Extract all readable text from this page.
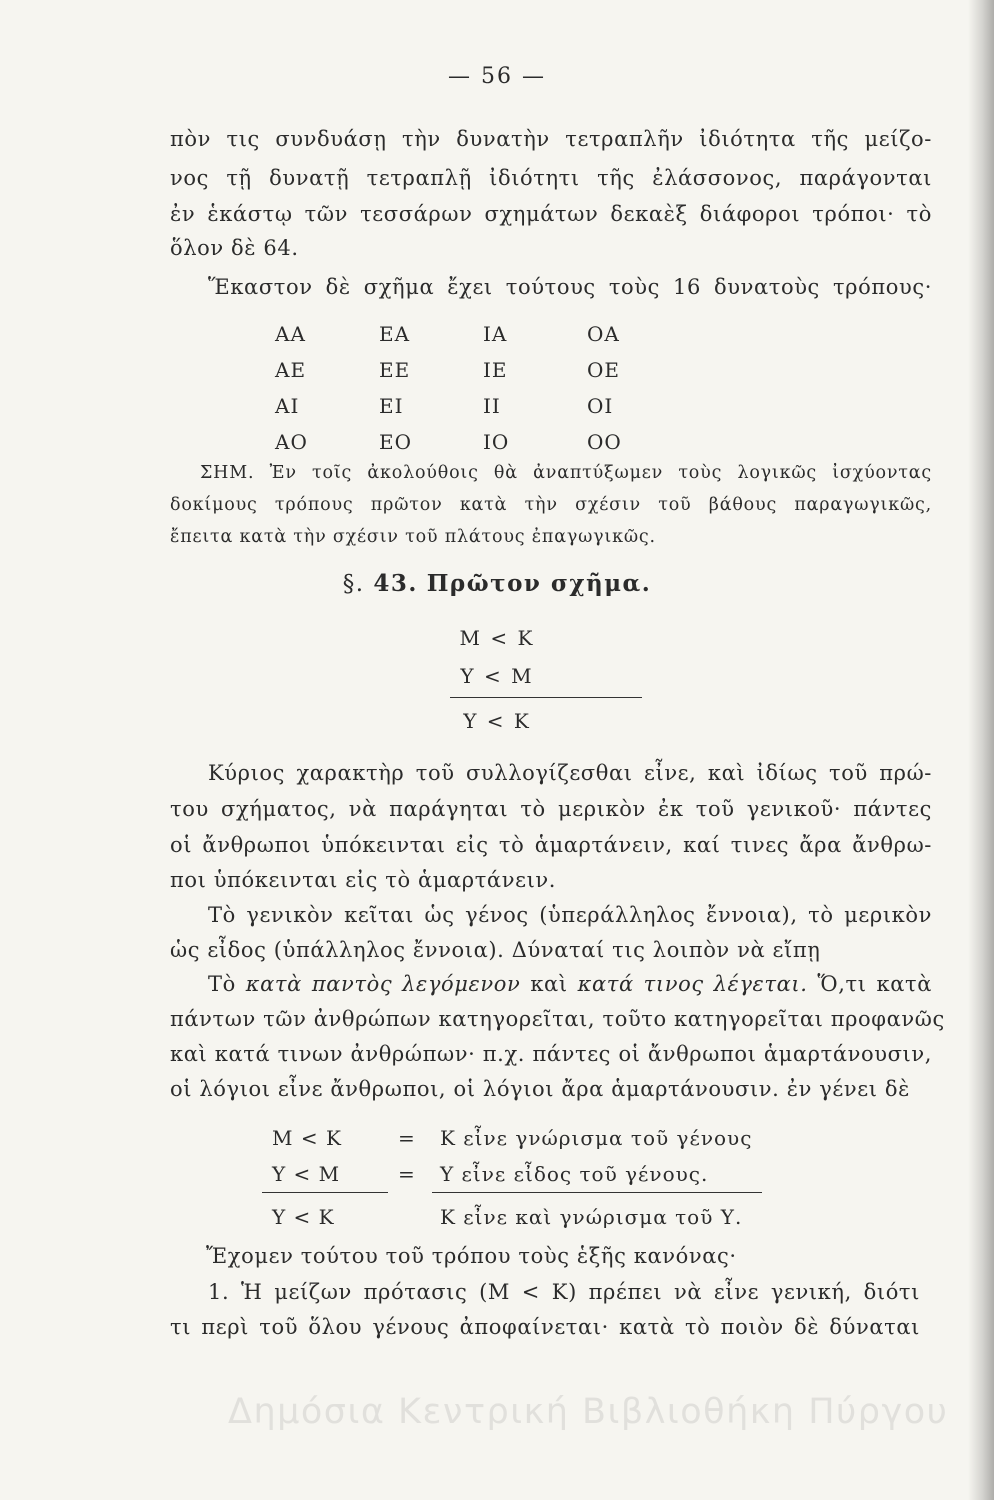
— 56 —
πὸν τις συνδυάσῃ τὴν δυνατὴν τετραπλῆν ἰδιότητα τῆς μείζο-
νος τῇ δυνατῇ τετραπλῇ ἰδιότητι τῆς ἐλάσσονος, παράγονται
ἐν ἑκάστῳ τῶν τεσσάρων σχημάτων δεκαὲξ διάφοροι τρόποι· τὸ
ὅλον δὲ 64.
Ἕκαστον δὲ σχῆμα ἔχει τούτους τοὺς 16 δυνατοὺς τρόπους·
ΑΑ	ΕΑ	ΙΑ	ΟΑ
ΑΕ	ΕΕ	ΙΕ	ΟΕ
ΑΙ	ΕΙ	ΙΙ	ΟΙ
ΑΟ	ΕΟ	ΙΟ	ΟΟ
ΣΗΜ. Ἐν τοῖς ἀκολούθοις θὰ ἀναπτύξωμεν τοὺς λογικῶς ἰσχύοντας
δοκίμους τρόπους πρῶτον κατὰ τὴν σχέσιν τοῦ βάθους παραγωγικῶς,
ἔπειτα κατὰ τὴν σχέσιν τοῦ πλάτους ἐπαγωγικῶς.
§. 43. Πρῶτον σχῆμα.
Μ < Κ
Υ < Μ
Υ < Κ
Κύριος χαρακτὴρ τοῦ συλλογίζεσθαι εἶνε, καὶ ἰδίως τοῦ πρώ-
του σχήματος, νὰ παράγηται τὸ μερικὸν ἐκ τοῦ γενικοῦ· πάντες
οἱ ἄνθρωποι ὑπόκεινται εἰς τὸ ἁμαρτάνειν, καί τινες ἄρα ἄνθρω-
ποι ὑπόκεινται εἰς τὸ ἁμαρτάνειν.
Τὸ γενικὸν κεῖται ὡς γένος (ὑπεράλληλος ἔννοια), τὸ μερικὸν
ὡς εἶδος (ὑπάλληλος ἔννοια). Δύναταί τις λοιπὸν νὰ εἴπῃ
Τὸ κατὰ παντὸς λεγόμενον καὶ κατά τινος λέγεται. Ὅ,τι κατὰ
πάντων τῶν ἀνθρώπων κατηγορεῖται, τοῦτο κατηγορεῖται προφανῶς
καὶ κατά τινων ἀνθρώπων· π.χ. πάντες οἱ ἄνθρωποι ἁμαρτάνουσιν,
οἱ λόγιοι εἶνε ἄνθρωποι, οἱ λόγιοι ἄρα ἁμαρτάνουσιν. ἐν γένει δὲ
Μ < Κ	= Κ εἶνε γνώρισμα τοῦ γένους
Υ < Μ	= Υ εἶνε εἶδος τοῦ γένους.
Υ < Κ	Κ εἶνε καὶ γνώρισμα τοῦ Υ.
Ἔχομεν τούτου τοῦ τρόπου τοὺς ἑξῆς κανόνας·
1. Ἡ μείζων πρότασις (Μ < Κ) πρέπει νὰ εἶνε γενική, διότι
τι περὶ τοῦ ὅλου γένους ἀποφαίνεται· κατὰ τὸ ποιὸν δὲ δύναται
Δημόσια Κεντρική Βιβλιοθήκη Πύργου
